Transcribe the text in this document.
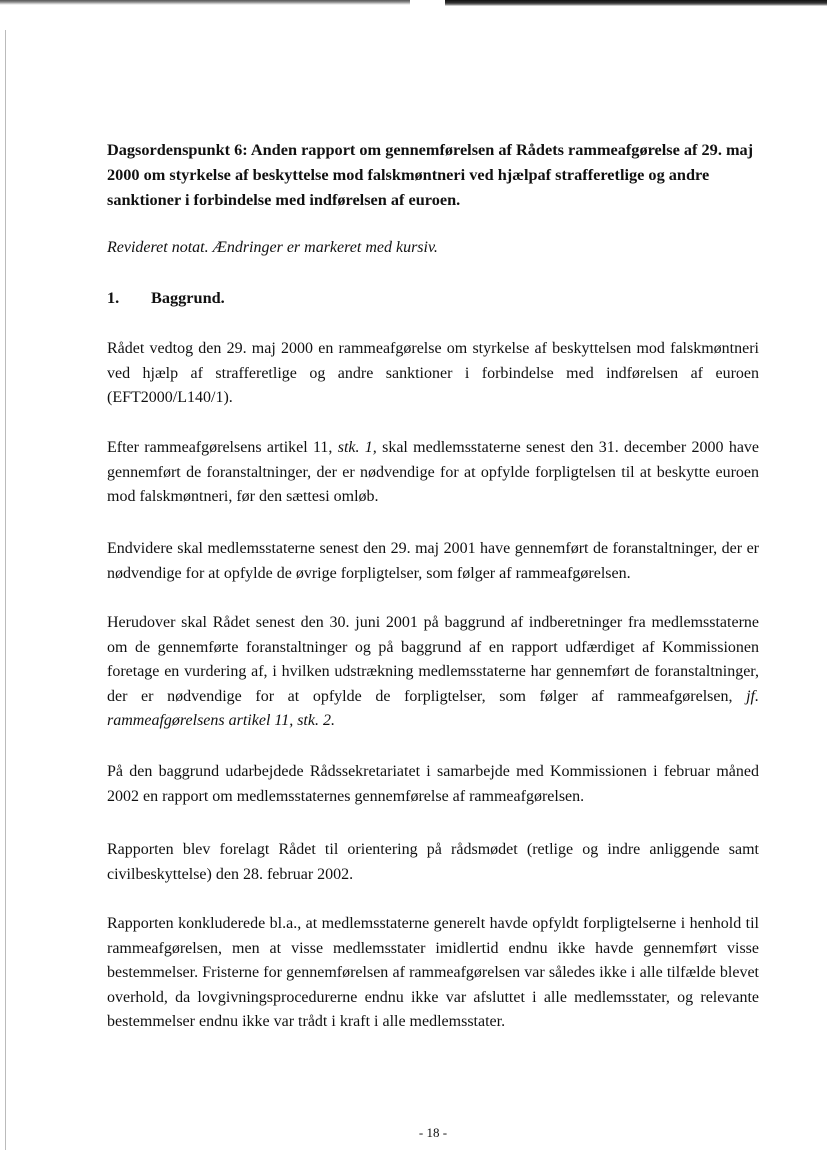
Dagsordenspunkt 6: Anden rapport om gennemførelsen af Rådets rammeafgørelse af 29. maj 2000 om styrkelse af beskyttelse mod falskmøntneri ved hjælpaf strafferetlige og andre sanktioner i forbindelse med indførelsen af euroen.

Revideret notat. Ændringer er markeret med kursiv.

1. Baggrund.

Rådet vedtog den 29. maj 2000 en rammeafgørelse om styrkelse af beskyttelsen mod falskmøntneri ved hjælp af strafferetlige og andre sanktioner i forbindelse med indførelsen af euroen (EFT2000/L140/1).

Efter rammeafgørelsens artikel 11, stk. 1, skal medlemsstaterne senest den 31. december 2000 have gennemført de foranstaltninger, der er nødvendige for at opfylde forpligtelsen til at beskytte euroen mod falskmøntneri, før den sættesi omløb.

Endvidere skal medlemsstaterne senest den 29. maj 2001 have gennemført de foranstaltninger, der er nødvendige for at opfylde de øvrige forpligtelser, som følger af rammeafgørelsen.

Herudover skal Rådet senest den 30. juni 2001 på baggrund af indberetninger fra medlemsstaterne om de gennemførte foranstaltninger og på baggrund af en rapport udfærdiget af Kommissionen foretage en vurdering af, i hvilken udstrækning medlemsstaterne har gennemført de foranstaltninger, der er nødvendige for at opfylde de forpligtelser, som følger af rammeafgørelsen, jf. rammeafgørelsens artikel 11, stk. 2.

På den baggrund udarbejdede Rådssekretariatet i samarbejde med Kommissionen i februar måned 2002 en rapport om medlemsstaternes gennemførelse af rammeafgørelsen.

Rapporten blev forelagt Rådet til orientering på rådsmødet (retlige og indre anliggende samt civilbeskyttelse) den 28. februar 2002.

Rapporten konkluderede bl.a., at medlemsstaterne generelt havde opfyldt forpligtelserne i henhold til rammeafgørelsen, men at visse medlemsstater imidlertid endnu ikke havde gennemført visse bestemmelser. Fristerne for gennemførelsen af rammeafgørelsen var således ikke i alle tilfælde blevet overhold, da lovgivningsprocedurerne endnu ikke var afsluttet i alle medlemsstater, og relevante bestemmelser endnu ikke var trådt i kraft i alle medlemsstater.

- 18 -
